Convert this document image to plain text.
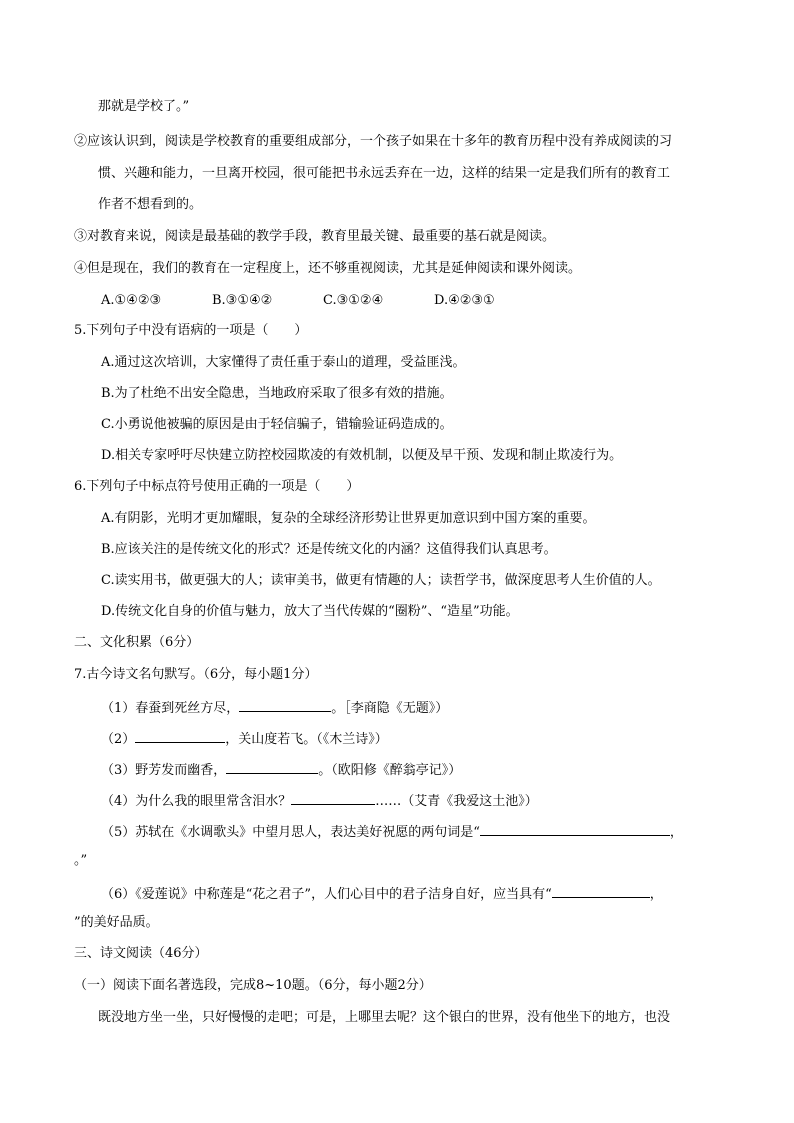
那就是学校了。”
②应该认识到，阅读是学校教育的重要组成部分，一个孩子如果在十多年的教育历程中没有养成阅读的习
惯、兴趣和能力，一旦离开校园，很可能把书永远丢弃在一边，这样的结果一定是我们所有的教育工
作者不想看到的。
③对教育来说，阅读是最基础的教学手段，教育里最关键、最重要的基石就是阅读。
④但是现在，我们的教育在一定程度上，还不够重视阅读，尤其是延伸阅读和课外阅读。
A.①④②③	B.③①④②	C.③①②④	D.④②③①
5.下列句子中没有语病的一项是（　　）
A.通过这次培训，大家懂得了责任重于泰山的道理，受益匪浅。
B.为了杜绝不出安全隐患，当地政府采取了很多有效的措施。
C.小勇说他被骗的原因是由于轻信骗子，错输验证码造成的。
D.相关专家呼吁尽快建立防控校园欺凌的有效机制，以便及早干预、发现和制止欺凌行为。
6.下列句子中标点符号使用正确的一项是（　　）
A.有阴影，光明才更加耀眼，复杂的全球经济形势让世界更加意识到中国方案的重要。
B.应该关注的是传统文化的形式？还是传统文化的内涵？这值得我们认真思考。
C.读实用书，做更强大的人；读审美书，做更有情趣的人；读哲学书，做深度思考人生价值的人。
D.传统文化自身的价值与魅力，放大了当代传媒的“圈粉”、“造星”功能。
二、文化积累（6分）
7.古今诗文名句默写。（6分，每小题1分）
（1）春蚕到死丝方尽，	。［李商隐《无题》）
（2）	，关山度若飞。（《木兰诗》）
（3）野芳发而幽香，	。（欧阳修《醉翁亭记》）
（4）为什么我的眼里常含泪水？	……（艾青《我爱这土池》）
（5）苏轼在《水调歌头》中望月思人，表达美好祝愿的两句词是“	，
。”
（6）《爱莲说》中称莲是“花之君子”，人们心目中的君子洁身自好，应当具有“	，
”的美好品质。
三、诗文阅读（46分）
（一）阅读下面名著选段，完成8~10题。（6分，每小题2分）
既没地方坐一坐，只好慢慢的走吧；可是，上哪里去呢？这个银白的世界，没有他坐下的地方，也没
